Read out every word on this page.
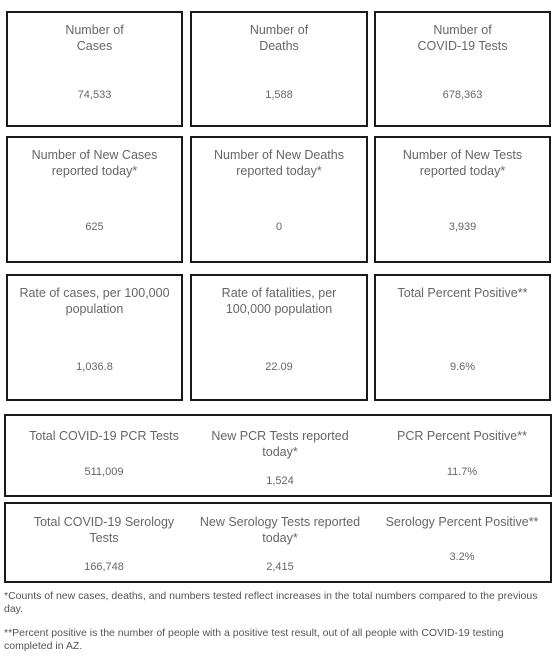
Number of
Cases
74,533
Number of
Deaths
1,588
Number of
COVID-19 Tests
678,363
Number of New Cases
reported today*
625
Number of New Deaths
reported today*
0
Number of New Tests
reported today*
3,939
Rate of cases, per 100,000
population
1,036.8
Rate of fatalities, per
100,000 population
22.09
Total Percent Positive**
9.6%
Total COVID-19 PCR Tests
511,009
New PCR Tests reported
today*
1,524
PCR Percent Positive**
11.7%
Total COVID-19 Serology
Tests
166,748
New Serology Tests reported
today*
2,415
Serology Percent Positive**
3.2%
*Counts of new cases, deaths, and numbers tested reflect increases in the total numbers compared to the previous day.
**Percent positive is the number of people with a positive test result, out of all people with COVID-19 testing completed in AZ.
